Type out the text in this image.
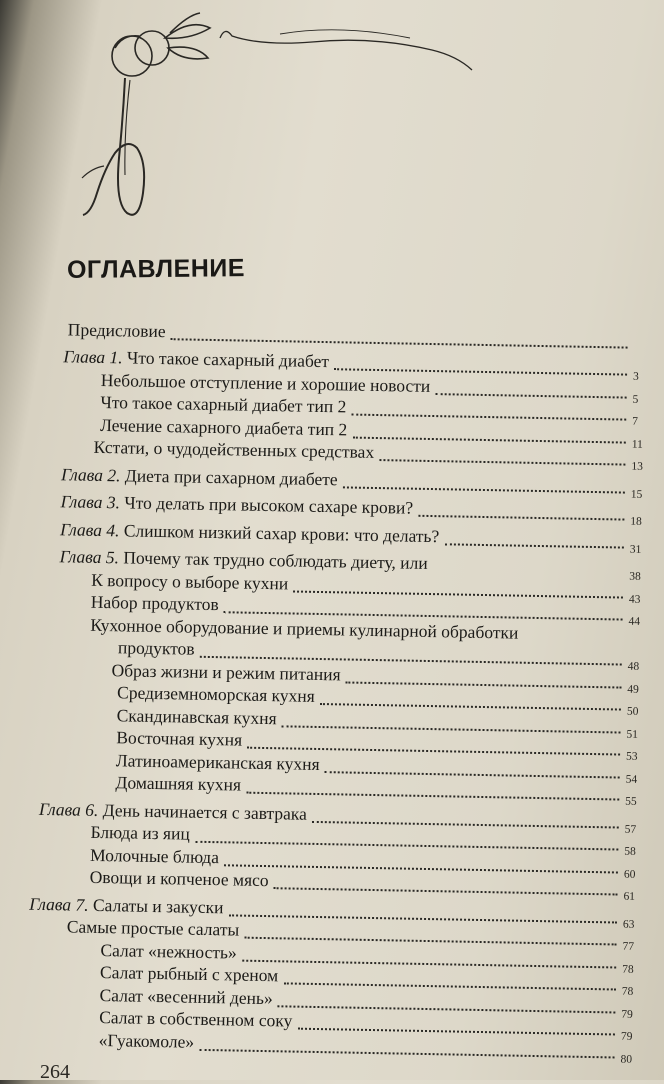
ОГЛАВЛЕНИЕ
Предисловие
Глава 1. Что такое сахарный диабет
3
Небольшое отступление и хорошие новости
5
Что такое сахарный диабет тип 2
7
Лечение сахарного диабета тип 2
11
Кстати, о чудодейственных средствах
13
Глава 2. Диета при сахарном диабете
15
Глава 3. Что делать при высоком сахаре крови?
18
Глава 4. Слишком низкий сахар крови: что делать?
31
Глава 5. Почему так трудно соблюдать диету, или
38
К вопросу о выборе кухни
43
Набор продуктов
44
Кухонное оборудование и приемы кулинарной обработки
продуктов
48
Образ жизни и режим питания
49
Средиземноморская кухня
50
Скандинавская кухня
51
Восточная кухня
53
Латиноамериканская кухня
54
Домашняя кухня
55
Глава 6. День начинается с завтрака
57
Блюда из яиц
58
Молочные блюда
60
Овощи и копченое мясо
61
Глава 7. Салаты и закуски
63
Самые простые салаты
77
Салат «нежность»
78
Салат рыбный с хреном
78
Салат «весенний день»
79
Салат в собственном соку
79
«Гуакомоле»
80
264
